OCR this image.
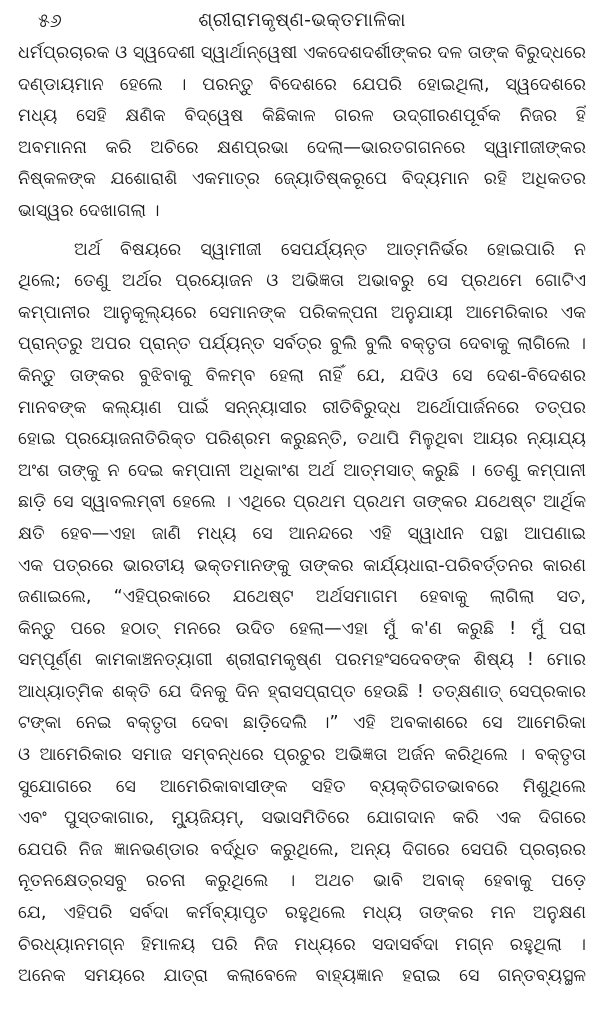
୫୬	ଶ୍ରୀରାମକୃଷ୍ଣ-ଭକ୍ତମାଳିକା
ଧର୍ମପ୍ରଚାରକ ଓ ସ୍ୱଦେଶୀ ସ୍ୱାର୍ଥାନ୍ୱେଷୀ ଏକଦେଶଦର୍ଶୀଙ୍କର ଦଳ ତାଙ୍କ ବିରୁଦ୍ଧରେ
ଦଣ୍ଡାୟମାନ ହେଲେ । ପରନ୍ତୁ ବିଦେଶରେ ଯେପରି ହୋଇଥିଲା, ସ୍ୱଦେଶରେ
ମଧ୍ୟ ସେହି କ୍ଷଣିକ ବିଦ୍ୱେଷ କିଛିକାଳ ଗରଳ ଉଦ୍‌ଗୀରଣପୂର୍ବକ ନିଜର ହିଁ
ଅବମାନନା କରି ଅଚିରେ କ୍ଷଣପ୍ରଭା ଦେଲା—ଭାରତଗଗନରେ ସ୍ୱାମୀଜୀଙ୍କର
ନିଷ୍କଳଙ୍କ ଯଶୋରାଶି ଏକମାତ୍ର ଜ୍ୟୋତିଷ୍କରୂପେ ବିଦ୍ୟମାନ ରହି ଅଧିକତର
ଭାସ୍ୱର ଦେଖାଗଲା ।
ଅର୍ଥ ବିଷୟରେ ସ୍ୱାମୀଜୀ ସେପର୍ଯ୍ୟନ୍ତ ଆତ୍ମନିର୍ଭର ହୋଇପାରି ନ
ଥିଲେ; ତେଣୁ ଅର୍ଥର ପ୍ରୟୋଜନ ଓ ଅଭିଜ୍ଞତା ଅଭାବରୁ ସେ ପ୍ରଥମେ ଗୋଟିଏ
କମ୍ପାନୀର ଆନୁକୂଲ୍ୟରେ ସେମାନଙ୍କ ପରିକଳ୍ପନା ଅନୁଯାୟୀ ଆମେରିକାର ଏକ
ପ୍ରାନ୍ତରୁ ଅପର ପ୍ରାନ୍ତ ପର୍ଯ୍ୟନ୍ତ ସର୍ବତ୍ର ବୁଲି ବୁଲି ବକ୍ତୃତା ଦେବାକୁ ଲାଗିଲେ ।
କିନ୍ତୁ ତାଙ୍କର ବୁଝିବାକୁ ବିଳମ୍ବ ହେଲା ନାହିଁ ଯେ, ଯଦିଓ ସେ ଦେଶ-ବିଦେଶର
ମାନବଙ୍କ କଲ୍ୟାଣ ପାଇଁ ସନ୍ନ୍ୟାସୀର ରୀତିବିରୁଦ୍ଧ ଅର୍ଥୋପାର୍ଜନରେ ତତ୍ପର
ହୋଇ ପ୍ରୟୋଜନାତିରିକ୍ତ ପରିଶ୍ରମ କରୁଛନ୍ତି, ତଥାପି ମିଳୁଥିବା ଆୟର ନ୍ୟାଯ୍ୟ
ଅଂଶ ତାଙ୍କୁ ନ ଦେଇ କମ୍ପାନୀ ଅଧିକାଂଶ ଅର୍ଥ ଆତ୍ମସାତ୍ କରୁଛି । ତେଣୁ କମ୍ପାନୀ
ଛାଡ଼ି ସେ ସ୍ୱାବଲମ୍ବୀ ହେଲେ । ଏଥିରେ ପ୍ରଥମ ପ୍ରଥମ ତାଙ୍କର ଯଥେଷ୍ଟ ଆର୍ଥିକ
କ୍ଷତି ହେବ—ଏହା ଜାଣି ମଧ୍ୟ ସେ ଆନନ୍ଦରେ ଏହି ସ୍ୱାଧୀନ ପନ୍ଥା ଆପଣାଇ
ଏକ ପତ୍ରରେ ଭାରତୀୟ ଭକ୍ତମାନଙ୍କୁ ତାଙ୍କର କାର୍ଯ୍ୟଧାରା-ପରିବର୍ତ୍ତନର କାରଣ
ଜଣାଇଲେ, “ଏହିପ୍ରକାରେ ଯଥେଷ୍ଟ ଅର୍ଥସମାଗମ ହେବାକୁ ଲାଗିଲା ସତ,
କିନ୍ତୁ ପରେ ହଠାତ୍ ମନରେ ଉଦିତ ହେଲା—ଏହା ମୁଁ କ'ଣ କରୁଛି ! ମୁଁ ପରା
ସମ୍ପୂର୍ଣ୍ଣ କାମକାଞ୍ଚନତ୍ୟାଗୀ ଶ୍ରୀରାମକୃଷ୍ଣ ପରମହଂସଦେବଙ୍କ ଶିଷ୍ୟ ! ମୋର
ଆଧ୍ୟାତ୍ମିକ ଶକ୍ତି ଯେ ଦିନକୁ ଦିନ ହ୍ରାସପ୍ରାପ୍ତ ହେଉଛି ! ତତ୍‌କ୍ଷଣାତ୍ ସେପ୍ରକାର
ଟଙ୍କା ନେଇ ବକ୍ତୃତା ଦେବା ଛାଡ଼ିଦେଲି ।” ଏହି ଅବକାଶରେ ସେ ଆମେରିକା
ଓ ଆମେରିକାର ସମାଜ ସମ୍ବନ୍ଧରେ ପ୍ରଚୁର ଅଭିଜ୍ଞତା ଅର୍ଜନ କରିଥିଲେ । ବକ୍ତୃତା
ସୁଯୋଗରେ ସେ ଆମେରିକାବାସୀଙ୍କ ସହିତ ବ୍ୟକ୍ତିଗତଭାବରେ ମିଶୁଥିଲେ
ଏବଂ ପୁସ୍ତକାଗାର, ମ୍ୟୁଜିୟମ୍, ସଭାସମିତିରେ ଯୋଗଦାନ କରି ଏକ ଦିଗରେ
ଯେପରି ନିଜ ଜ୍ଞାନଭଣ୍ଡାର ବର୍ଦ୍ଧିତ କରୁଥିଲେ, ଅନ୍ୟ ଦିଗରେ ସେପରି ପ୍ରଚାରର
ନୂତନକ୍ଷେତ୍ରସବୁ ରଚନା କରୁଥିଲେ । ଅଥଚ ଭାବି ଅବାକ୍ ହେବାକୁ ପଡ଼େ
ଯେ, ଏହିପରି ସର୍ବଦା କର୍ମବ୍ୟାପୃତ ରହୁଥିଲେ ମଧ୍ୟ ତାଙ୍କର ମନ ଅନୁକ୍ଷଣ
ଚିରଧ୍ୟାନମଗ୍ନ ହିମାଳୟ ପରି ନିଜ ମଧ୍ୟରେ ସଦାସର୍ବଦା ମଗ୍ନ ରହୁଥିଲା ।
ଅନେକ ସମୟରେ ଯାତ୍ରା କଲାବେଳେ ବାହ୍ୟଜ୍ଞାନ ହରାଇ ସେ ଗନ୍ତବ୍ୟସ୍ଥଳ
